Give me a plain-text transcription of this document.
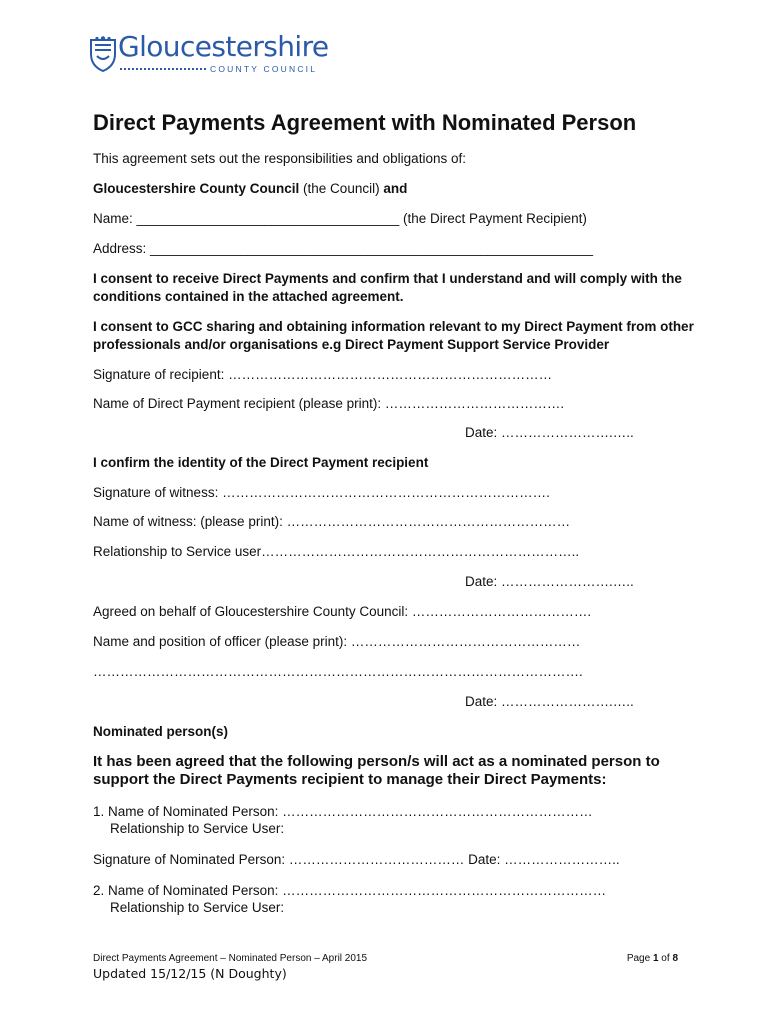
Gloucestershire
COUNTY COUNCIL
Direct Payments Agreement with Nominated Person
This agreement sets out the responsibilities and obligations of:
Gloucestershire County Council (the Council) and
Name: ___________________________________ (the Direct Payment Recipient)
Address: ___________________________________________________________
I consent to receive Direct Payments and confirm that I understand and will comply with the conditions contained in the attached agreement.
I consent to GCC sharing and obtaining information relevant to my Direct Payment from other professionals and/or organisations e.g Direct Payment Support Service Provider
Signature of recipient: ………………………………………………………………
Name of Direct Payment recipient (please print): ………………………………….
Date: …………………….…..
I confirm the identity of the Direct Payment recipient
Signature of witness: ……………………………………………………………….
Name of witness: (please print): ………………………………………………………
Relationship to Service user……………………………………………………………..
Date: …………………….…..
Agreed on behalf of Gloucestershire County Council: ………………………………….
Name and position of officer (please print): ……………………………………………
……………………………………………………………………………………………….
Date: …………………….…..
Nominated person(s)
It has been agreed that the following person/s will act as a nominated person to support the Direct Payments recipient to manage their Direct Payments:
1. Name of Nominated Person: ……………………………………………………………
Relationship to Service User:
Signature of Nominated Person: ………………………………… Date: ……………………..
2. Name of Nominated Person: ………………………………………………………………
Relationship to Service User:
Direct Payments Agreement – Nominated Person – April 2015	Page 1 of 8
Updated 15/12/15 (N Doughty)
